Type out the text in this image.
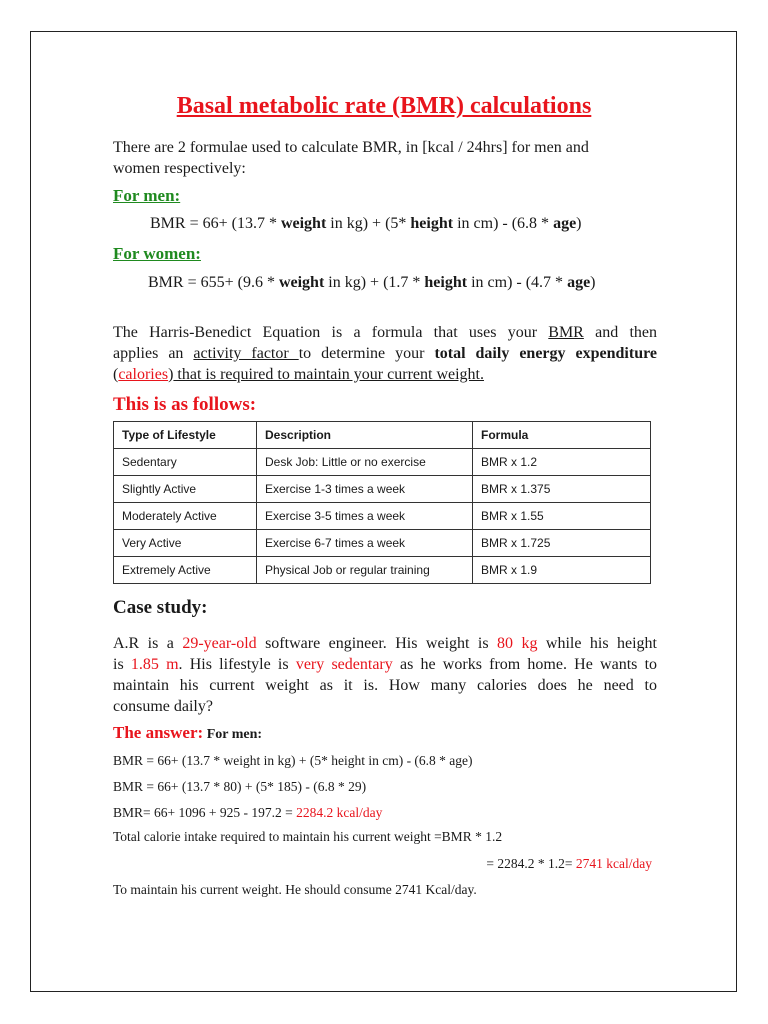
Basal metabolic rate (BMR) calculations
There are 2 formulae used to calculate BMR, in [kcal / 24hrs] for men and
women respectively:
For men:
BMR = 66+ (13.7 * weight in kg) + (5* height in cm) - (6.8 * age)
For women:
BMR = 655+ (9.6 * weight in kg) + (1.7 * height in cm) - (4.7 * age)
The Harris-Benedict Equation is a formula that uses your BMR and then
applies an activity factor to determine your total daily energy expenditure
(calories) that is required to maintain your current weight.
This is as follows:
Type of Lifestyle	Description	Formula
Sedentary	Desk Job: Little or no exercise	BMR x 1.2
Slightly Active	Exercise 1-3 times a week	BMR x 1.375
Moderately Active	Exercise 3-5 times a week	BMR x 1.55
Very Active	Exercise 6-7 times a week	BMR x 1.725
Extremely Active	Physical Job or regular training	BMR x 1.9
Case study:
A.R is a 29-year-old software engineer. His weight is 80 kg while his height
is 1.85 m. His lifestyle is very sedentary as he works from home. He wants to
maintain his current weight as it is. How many calories does he need to
consume daily?
The answer: For men:
BMR = 66+ (13.7 * weight in kg) + (5* height in cm) - (6.8 * age)
BMR = 66+ (13.7 * 80) + (5* 185) - (6.8 * 29)
BMR= 66+ 1096 + 925 - 197.2 = 2284.2 kcal/day
Total calorie intake required to maintain his current weight =BMR * 1.2
= 2284.2 * 1.2= 2741 kcal/day
To maintain his current weight. He should consume 2741 Kcal/day.
